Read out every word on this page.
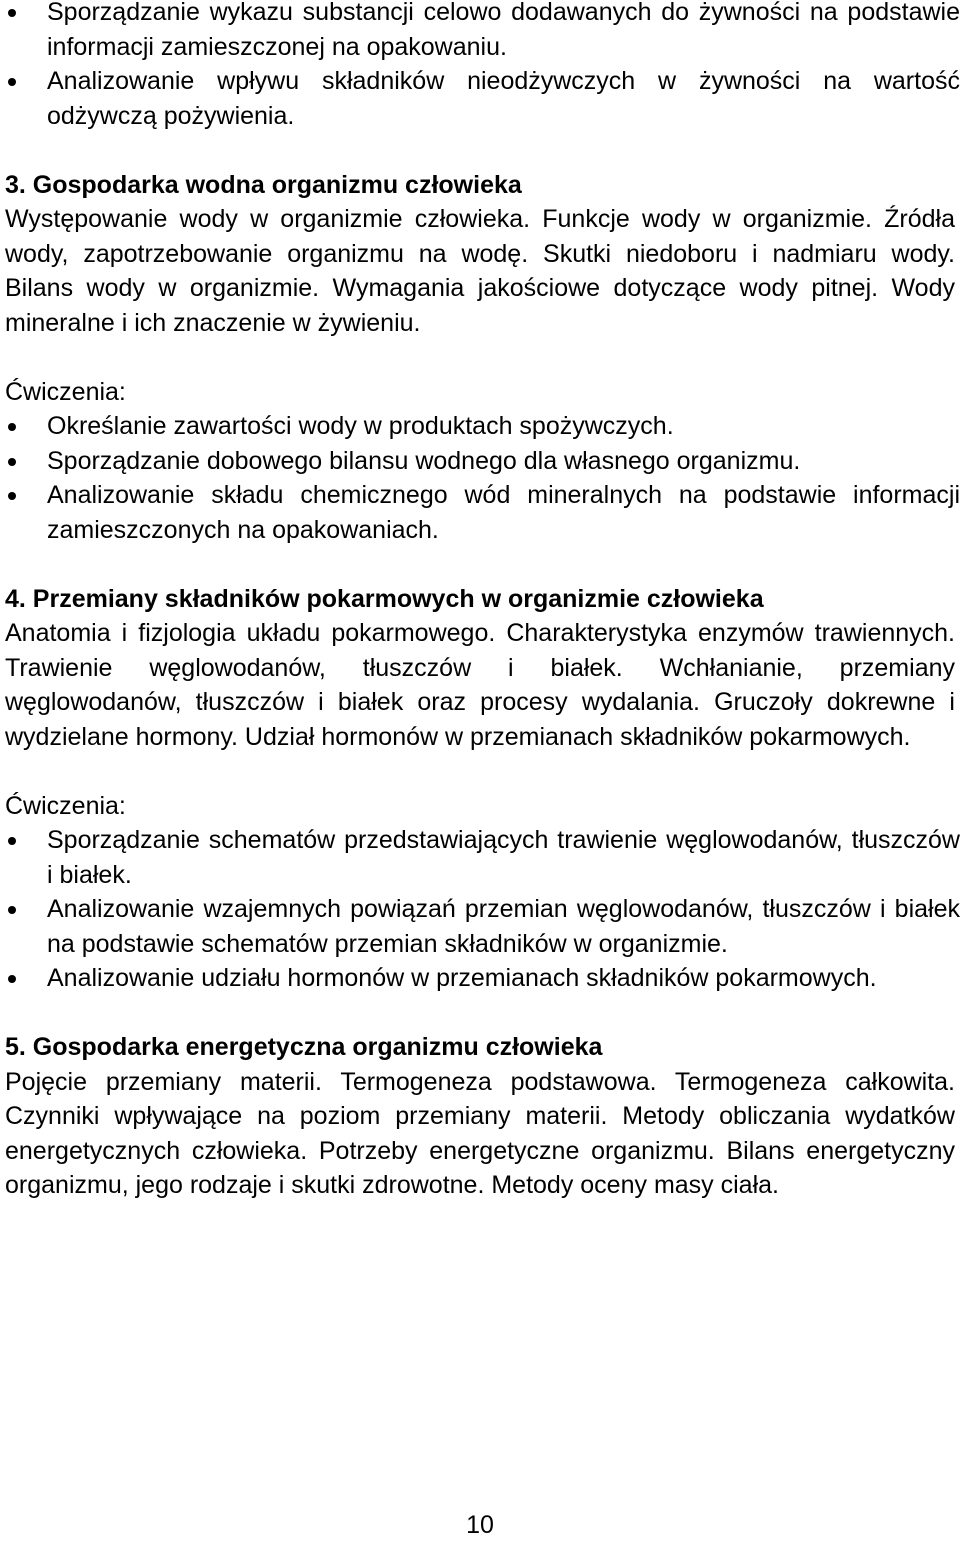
Sporządzanie wykazu substancji celowo dodawanych do żywności na podstawie informacji zamieszczonej na opakowaniu.
Analizowanie wpływu składników nieodżywczych w żywności na wartość odżywczą pożywienia.
3. Gospodarka wodna organizmu człowieka
Występowanie wody w organizmie człowieka. Funkcje wody w organizmie. Źródła wody, zapotrzebowanie organizmu na wodę. Skutki niedoboru i nadmiaru wody. Bilans wody w organizmie. Wymagania jakościowe dotyczące wody pitnej. Wody mineralne i ich znaczenie w żywieniu.
Ćwiczenia:
Określanie zawartości wody w produktach spożywczych.
Sporządzanie dobowego bilansu wodnego dla własnego organizmu.
Analizowanie składu chemicznego wód mineralnych na podstawie informacji zamieszczonych na opakowaniach.
4. Przemiany składników pokarmowych w organizmie człowieka
Anatomia i fizjologia układu pokarmowego. Charakterystyka enzymów trawiennych. Trawienie węglowodanów, tłuszczów i białek. Wchłanianie, przemiany węglowodanów, tłuszczów i białek oraz procesy wydalania. Gruczoły dokrewne i wydzielane hormony. Udział hormonów w przemianach składników pokarmowych.
Ćwiczenia:
Sporządzanie schematów przedstawiających trawienie węglowodanów, tłuszczów i białek.
Analizowanie wzajemnych powiązań przemian węglowodanów, tłuszczów i białek na podstawie schematów przemian składników w organizmie.
Analizowanie udziału hormonów w przemianach składników pokarmowych.
5. Gospodarka energetyczna organizmu człowieka
Pojęcie przemiany materii. Termogeneza podstawowa. Termogeneza całkowita. Czynniki wpływające na poziom przemiany materii. Metody obliczania wydatków energetycznych człowieka. Potrzeby energetyczne organizmu. Bilans energetyczny organizmu, jego rodzaje i skutki zdrowotne. Metody oceny masy ciała.
10
